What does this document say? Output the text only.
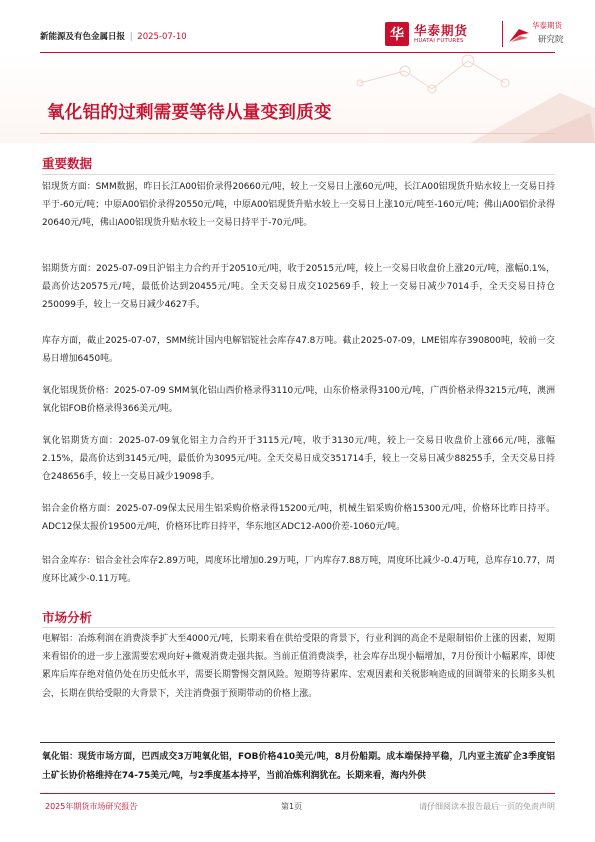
新能源及有色金属日报 | 2025-07-10	华 华泰期货
HUATAI FUTURES
华泰期货
研究院
氧化铝的过剩需要等待从量变到质变
重要数据

铝现货方面：SMM数据，昨日长江A00铝价录得20660元/吨，较上一交易日上涨60元/吨，长江A00铝现货升贴水较上一交易日持平于-60元/吨；中原A00铝价录得20550元/吨，中原A00铝现货升贴水较上一交易日上涨10元/吨至-160元/吨；佛山A00铝价录得20640元/吨，佛山A00铝现货升贴水较上一交易日持平于-70元/吨。

铝期货方面：2025-07-09日沪铝主力合约开于20510元/吨，收于20515元/吨，较上一交易日收盘价上涨20元/吨，涨幅0.1%，最高价达20575元/吨，最低价达到20455元/吨。全天交易日成交102569手，较上一交易日减少7014手，全天交易日持仓250099手，较上一交易日减少4627手。

库存方面，截止2025-07-07，SMM统计国内电解铝锭社会库存47.8万吨。截止2025-07-09，LME铝库存390800吨，较前一交易日增加6450吨。

氧化铝现货价格：2025-07-09 SMM氧化铝山西价格录得3110元/吨，山东价格录得3100元/吨，广西价格录得3215元/吨，澳洲氧化铝FOB价格录得366美元/吨。

氧化铝期货方面：2025-07-09氧化铝主力合约开于3115元/吨，收于3130元/吨，较上一交易日收盘价上涨66元/吨，涨幅2.15%，最高价达到3145元/吨，最低价为3095元/吨。全天交易日成交351714手，较上一交易日减少88255手，全天交易日持仓248656手，较上一交易日减少19098手。

铝合金价格方面：2025-07-09保太民用生铝采购价格录得15200元/吨，机械生铝采购价格15300元/吨，价格环比昨日持平。ADC12保太报价19500元/吨，价格环比昨日持平，华东地区ADC12-A00价差-1060元/吨。

铝合金库存：铝合金社会库存2.89万吨，周度环比增加0.29万吨，厂内库存7.88万吨，周度环比减少-0.4万吨，总库存10.77，周度环比减少-0.11万吨。

市场分析

电解铝：冶炼利润在消费淡季扩大至4000元/吨，长期来看在供给受限的背景下，行业利润的高企不是限制铝价上涨的因素，短期来看铝价的进一步上涨需要宏观向好+微观消费走强共振。当前正值消费淡季，社会库存出现小幅增加，7月份预计小幅累库，即使累库后库存绝对值仍处在历史低水平，需要长期警惕交割风险。短期等待累库、宏观因素和关税影响造成的回调带来的长期多头机会，长期在供给受限的大背景下，关注消费强于预期带动的价格上涨。

氧化铝：现货市场方面，巴西成交3万吨氧化铝，FOB价格410美元/吨，8月份船期。成本端保持平稳，几内亚主流矿企3季度铝土矿长协价格维持在74-75美元/吨，与2季度基本持平，当前冶炼利润犹在。长期来看，海内外供

2025年期货市场研究报告	第1页	请仔细阅读本报告最后一页的免责声明
